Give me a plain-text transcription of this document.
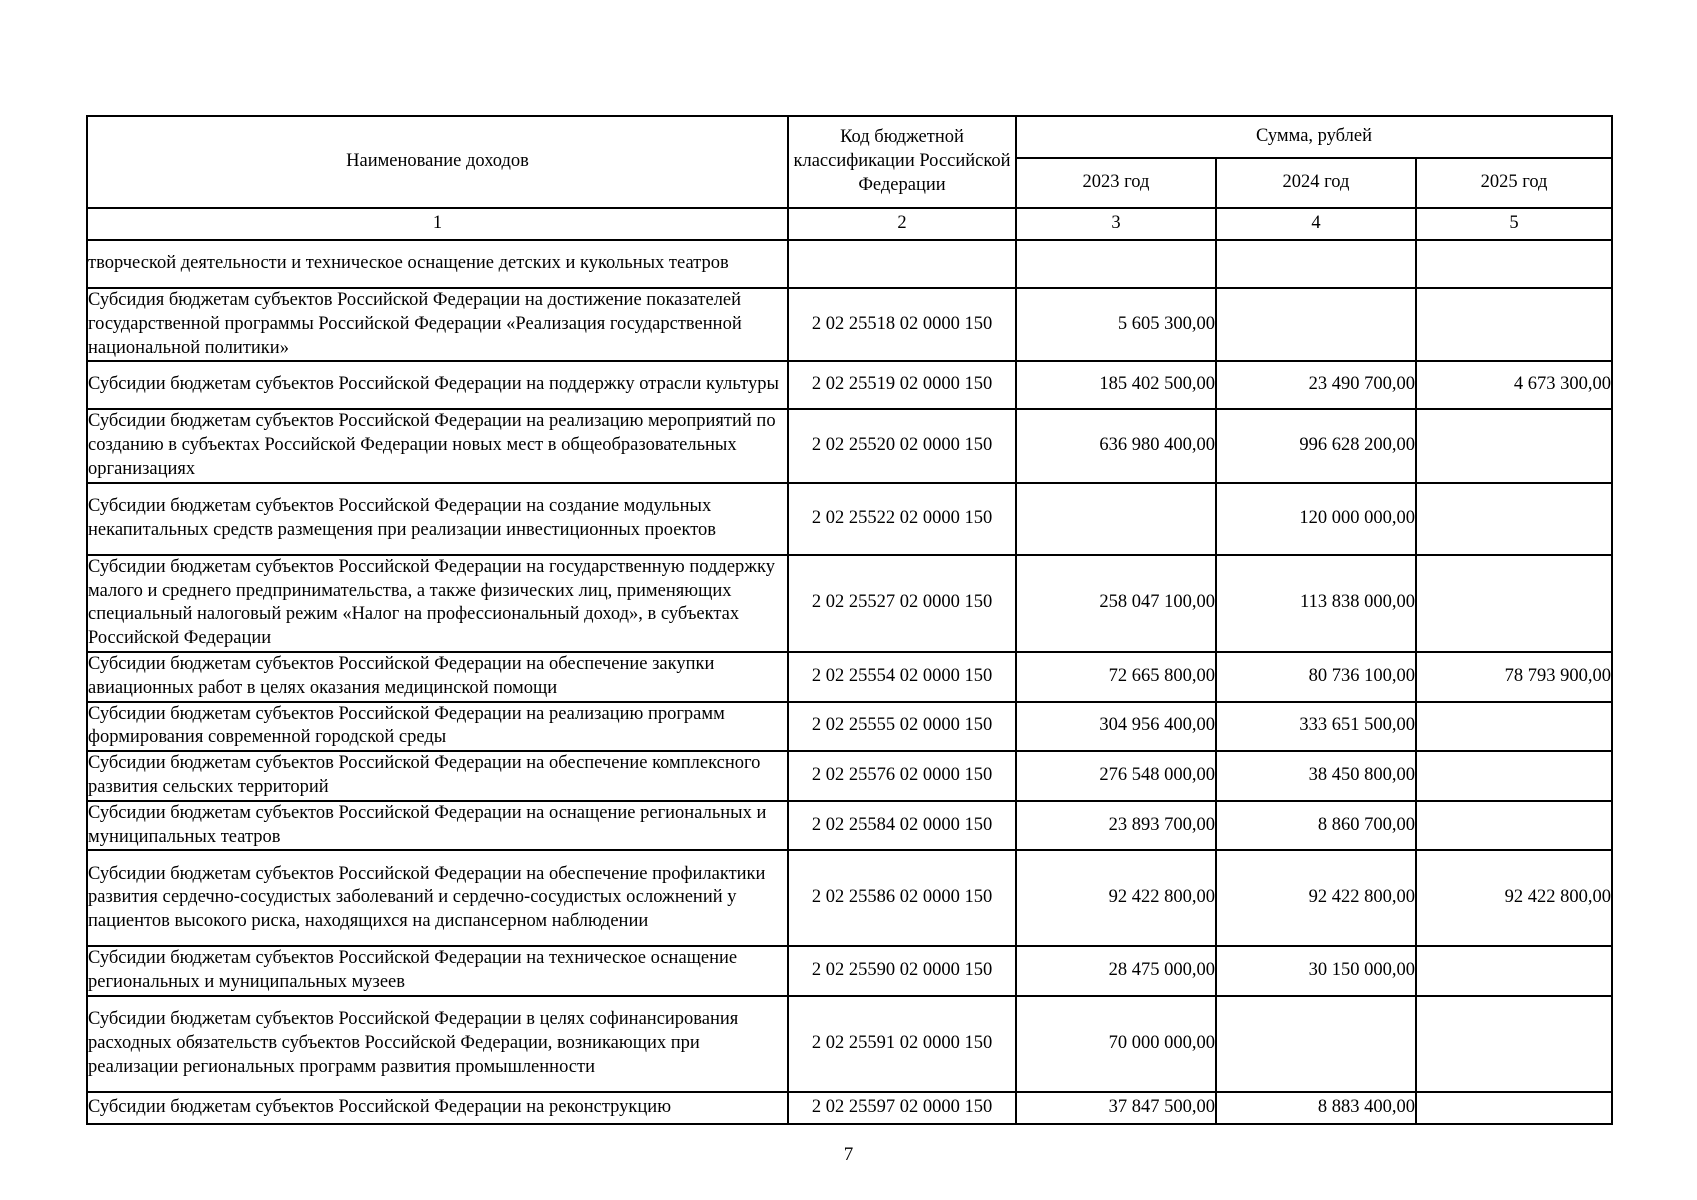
Наименование доходов	Код бюджетной классификации Российской Федерации	Сумма, рублей		
		2023 год	2024 год	2025 год
1	2	3	4	5
творческой деятельности и техническое оснащение детских и кукольных театров				
Субсидия бюджетам субъектов Российской Федерации на достижение показателей государственной программы Российской Федерации «Реализация государственной национальной политики»	2 02 25518 02 0000 150	5 605 300,00		
Субсидии бюджетам субъектов Российской Федерации на поддержку отрасли культуры	2 02 25519 02 0000 150	185 402 500,00	23 490 700,00	4 673 300,00
Субсидии бюджетам субъектов Российской Федерации на реализацию мероприятий по созданию в субъектах Российской Федерации новых мест в общеобразовательных организациях	2 02 25520 02 0000 150	636 980 400,00	996 628 200,00	
Субсидии бюджетам субъектов Российской Федерации на создание модульных некапитальных средств размещения при реализации инвестиционных проектов	2 02 25522 02 0000 150		120 000 000,00	
Субсидии бюджетам субъектов Российской Федерации на государственную поддержку малого и среднего предпринимательства, а также физических лиц, применяющих специальный налоговый режим «Налог на профессиональный доход», в субъектах Российской Федерации	2 02 25527 02 0000 150	258 047 100,00	113 838 000,00	
Субсидии бюджетам субъектов Российской Федерации на обеспечение закупки авиационных работ в целях оказания медицинской помощи	2 02 25554 02 0000 150	72 665 800,00	80 736 100,00	78 793 900,00
Субсидии бюджетам субъектов Российской Федерации на реализацию программ формирования современной городской среды	2 02 25555 02 0000 150	304 956 400,00	333 651 500,00	
Субсидии бюджетам субъектов Российской Федерации на обеспечение комплексного развития сельских территорий	2 02 25576 02 0000 150	276 548 000,00	38 450 800,00	
Субсидии бюджетам субъектов Российской Федерации на оснащение региональных и муниципальных театров	2 02 25584 02 0000 150	23 893 700,00	8 860 700,00	
Субсидии бюджетам субъектов Российской Федерации на обеспечение профилактики развития сердечно-сосудистых заболеваний и сердечно-сосудистых осложнений у пациентов высокого риска, находящихся на диспансерном наблюдении	2 02 25586 02 0000 150	92 422 800,00	92 422 800,00	92 422 800,00
Субсидии бюджетам субъектов Российской Федерации на техническое оснащение региональных и муниципальных музеев	2 02 25590 02 0000 150	28 475 000,00	30 150 000,00	
Субсидии бюджетам субъектов Российской Федерации в целях софинансирования расходных обязательств субъектов Российской Федерации, возникающих при реализации региональных программ развития промышленности	2 02 25591 02 0000 150	70 000 000,00		
Субсидии бюджетам субъектов Российской Федерации на реконструкцию	2 02 25597 02 0000 150	37 847 500,00	8 883 400,00	
7
